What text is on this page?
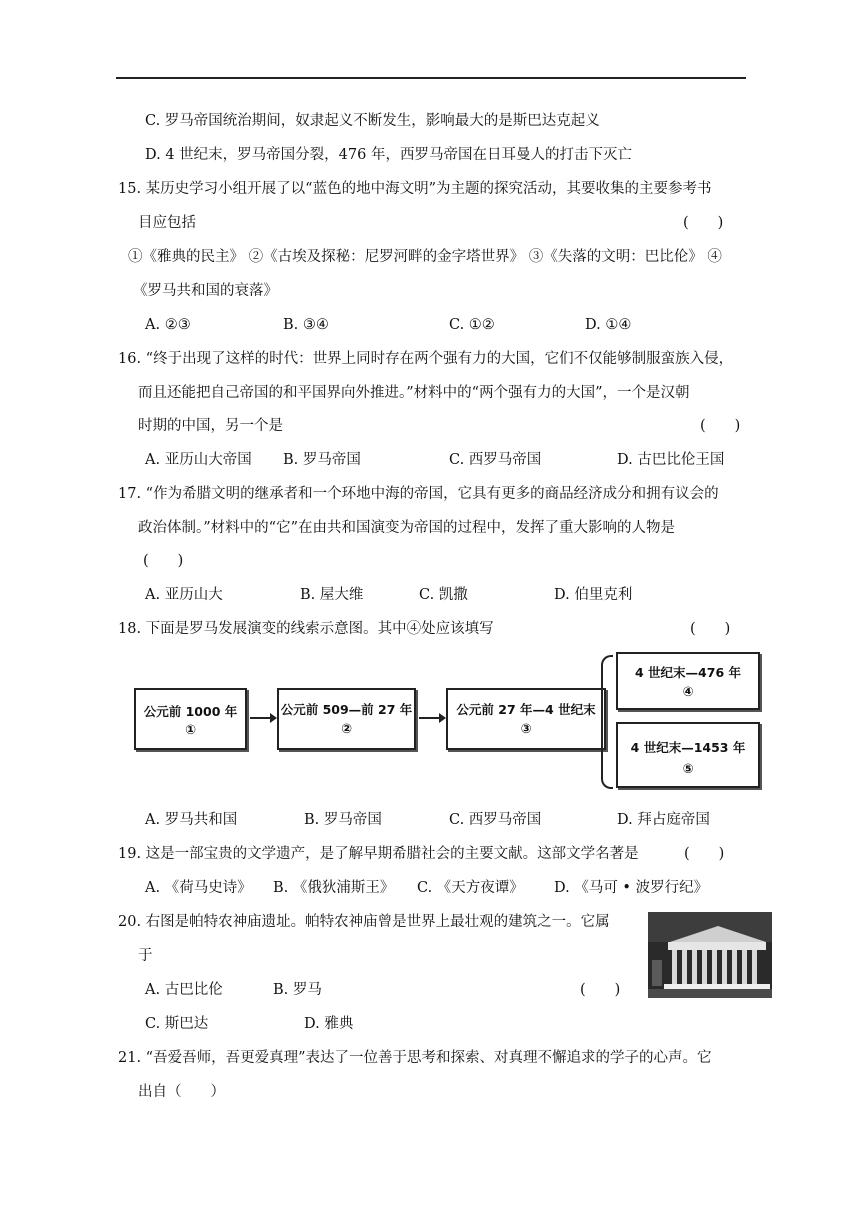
C. 罗马帝国统治期间，奴隶起义不断发生，影响最大的是斯巴达克起义
D. 4 世纪末，罗马帝国分裂，476 年，西罗马帝国在日耳曼人的打击下灭亡
15. 某历史学习小组开展了以“蓝色的地中海文明”为主题的探究活动，其要收集的主要参考书
目应包括	(　　)
①《雅典的民主》 ②《古埃及探秘：尼罗河畔的金字塔世界》 ③《失落的文明：巴比伦》 ④
《罗马共和国的衰落》
A. ②③	B. ③④	C. ①②	D. ①④
16. “终于出现了这样的时代：世界上同时存在两个强有力的大国，它们不仅能够制服蛮族入侵，
而且还能把自己帝国的和平国界向外推进。”材料中的“两个强有力的大国”，一个是汉朝
时期的中国，另一个是	(　　)
A. 亚历山大帝国 B. 罗马帝国	C. 西罗马帝国	D. 古巴比伦王国
17. “作为希腊文明的继承者和一个环地中海的帝国，它具有更多的商品经济成分和拥有议会的
政治体制。”材料中的“它”在由共和国演变为帝国的过程中，发挥了重大影响的人物是
(　　)
A. 亚历山大	B. 屋大维	C. 凯撒	D. 伯里克利
18. 下面是罗马发展演变的线索示意图。其中④处应该填写	(　　)
公元前 1000 年
①
公元前 509—前 27 年
②
公元前 27 年—4 世纪末
③
4 世纪末—476 年
④
4 世纪末—1453 年
⑤
A. 罗马共和国	B. 罗马帝国	C. 西罗马帝国	D. 拜占庭帝国
19. 这是一部宝贵的文学遗产，是了解早期希腊社会的主要文献。这部文学名著是	(　　)
A. 《荷马史诗》 B. 《俄狄浦斯王》 C. 《天方夜谭》 D. 《马可 • 波罗行纪》
20. 右图是帕特农神庙遗址。帕特农神庙曾是世界上最壮观的建筑之一。它属
于
A. 古巴比伦	B. 罗马	(　　)
C. 斯巴达	D. 雅典
21. “吾爱吾师，吾更爱真理”表达了一位善于思考和探索、对真理不懈追求的学子的心声。它
出自（　　）
